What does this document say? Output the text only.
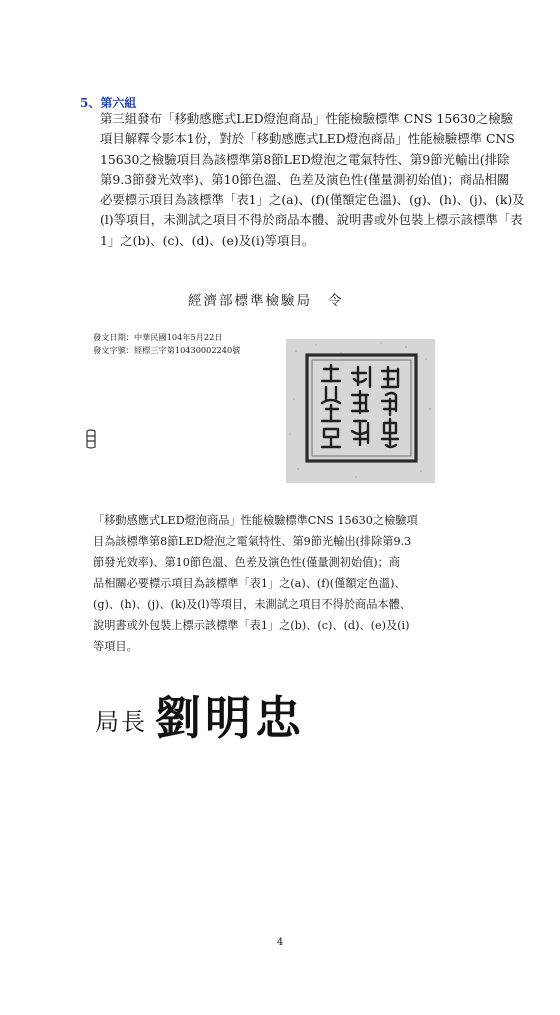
5、第六組

第三組發布「移動感應式LED燈泡商品」性能檢驗標準 CNS 15630之檢驗

項目解釋令影本1份，對於「移動感應式LED燈泡商品」性能檢驗標準 CNS

15630之檢驗項目為該標準第8節LED燈泡之電氣特性、第9節光輸出(排除

第9.3節發光效率)、第10節色溫、色差及演色性(僅量測初始值)；商品相關

必要標示項目為該標準「表1」之(a)、(f)(僅額定色溫)、(g)、(h)、(j)、(k)及

(l)等項目，未測試之項目不得於商品本體、說明書或外包裝上標示該標準「表

1」之(b)、(c)、(d)、(e)及(i)等項目。

經濟部標準檢驗局 令
發文日期：中華民國104年5月22日
發文字號：經標三字第10430002240號

「移動感應式LED燈泡商品」性能檢驗標準CNS 15630之檢驗項

目為該標準第8節LED燈泡之電氣特性、第9節光輸出(排除第9.3

節發光效率)、第10節色溫、色差及演色性(僅量測初始值)；商

品相關必要標示項目為該標準「表1」之(a)、(f)(僅額定色溫)、

(g)、(h)、(j)、(k)及(l)等項目，未測試之項目不得於商品本體、

說明書或外包裝上標示該標準「表1」之(b)、(c)、(d)、(e)及(i)

等項目。

局長 劉明忠
4
